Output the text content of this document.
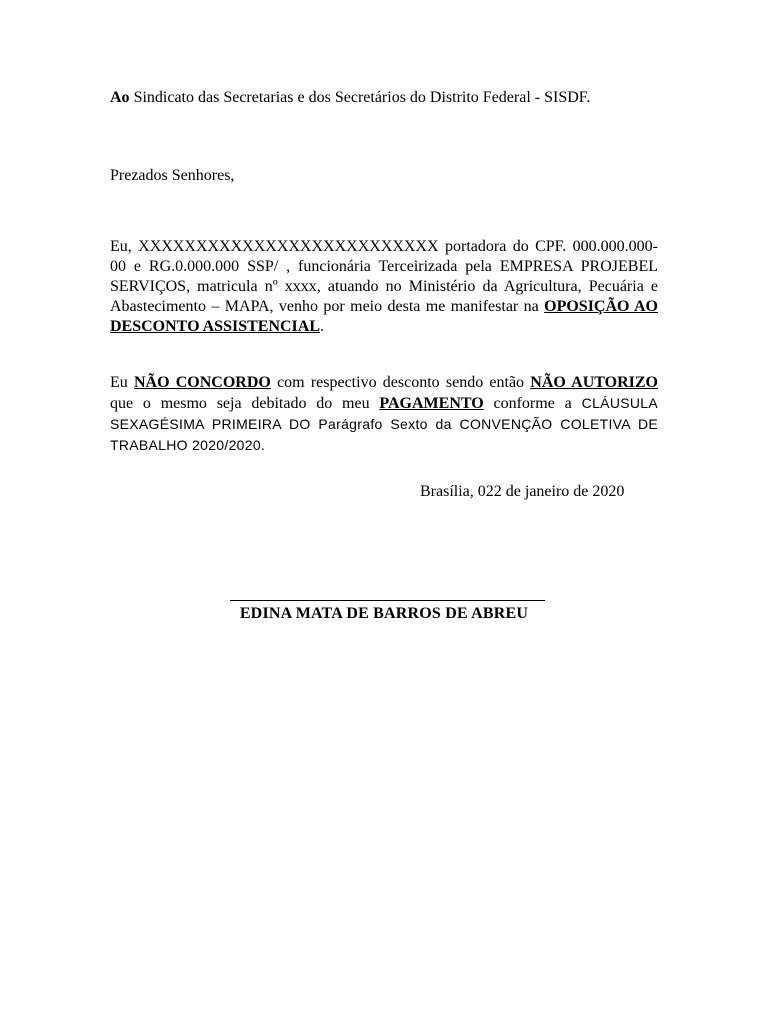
Ao Sindicato das Secretarias e dos Secretários do Distrito Federal - SISDF.
Prezados Senhores,
Eu, XXXXXXXXXXXXXXXXXXXXXXXXXX portadora do CPF. 000.000.000-00 e RG.0.000.000 SSP/ , funcionária Terceirizada pela EMPRESA PROJEBEL SERVIÇOS, matricula nº xxxx, atuando no Ministério da Agricultura, Pecuária e Abastecimento – MAPA, venho por meio desta me manifestar na OPOSIÇÃO AO DESCONTO ASSISTENCIAL.
Eu NÃO CONCORDO com respectivo desconto sendo então NÃO AUTORIZO que o mesmo seja debitado do meu PAGAMENTO conforme a CLÁUSULA SEXAGÉSIMA PRIMEIRA DO Parágrafo Sexto da CONVENÇÃO COLETIVA DE TRABALHO 2020/2020.
Brasília, 022 de janeiro de 2020
EDINA MATA DE BARROS DE ABREU
